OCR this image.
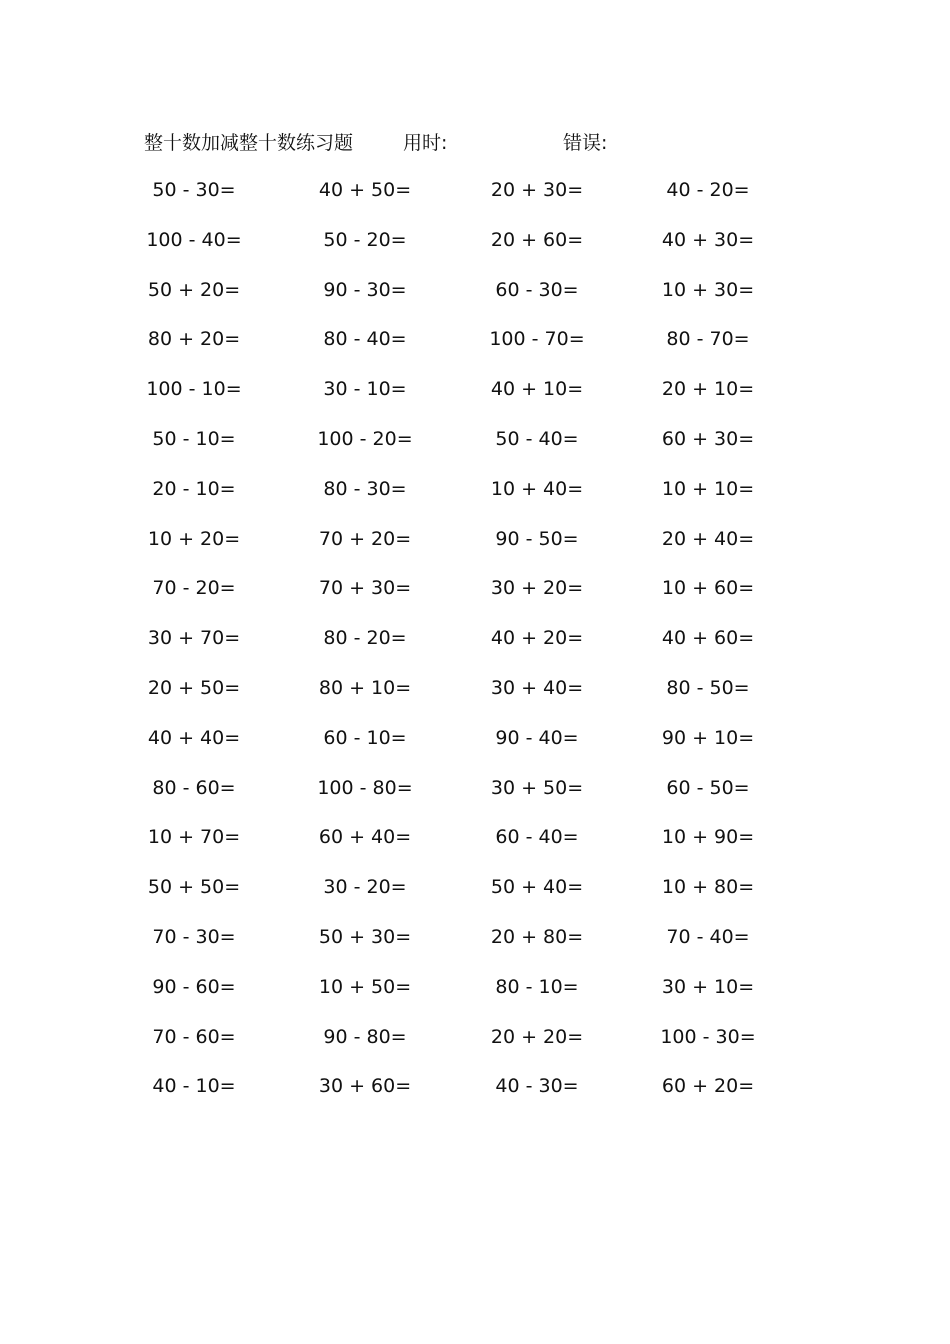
整十数加减整十数练习题	用时:	错误:
50 - 30=	40 + 50=	20 + 30=	40 - 20=
100 - 40=	50 - 20=	20 + 60=	40 + 30=
50 + 20=	90 - 30=	60 - 30=	10 + 30=
80 + 20=	80 - 40=	100 - 70=	80 - 70=
100 - 10=	30 - 10=	40 + 10=	20 + 10=
50 - 10=	100 - 20=	50 - 40=	60 + 30=
20 - 10=	80 - 30=	10 + 40=	10 + 10=
10 + 20=	70 + 20=	90 - 50=	20 + 40=
70 - 20=	70 + 30=	30 + 20=	10 + 60=
30 + 70=	80 - 20=	40 + 20=	40 + 60=
20 + 50=	80 + 10=	30 + 40=	80 - 50=
40 + 40=	60 - 10=	90 - 40=	90 + 10=
80 - 60=	100 - 80=	30 + 50=	60 - 50=
10 + 70=	60 + 40=	60 - 40=	10 + 90=
50 + 50=	30 - 20=	50 + 40=	10 + 80=
70 - 30=	50 + 30=	20 + 80=	70 - 40=
90 - 60=	10 + 50=	80 - 10=	30 + 10=
70 - 60=	90 - 80=	20 + 20=	100 - 30=
40 - 10=	30 + 60=	40 - 30=	60 + 20=
